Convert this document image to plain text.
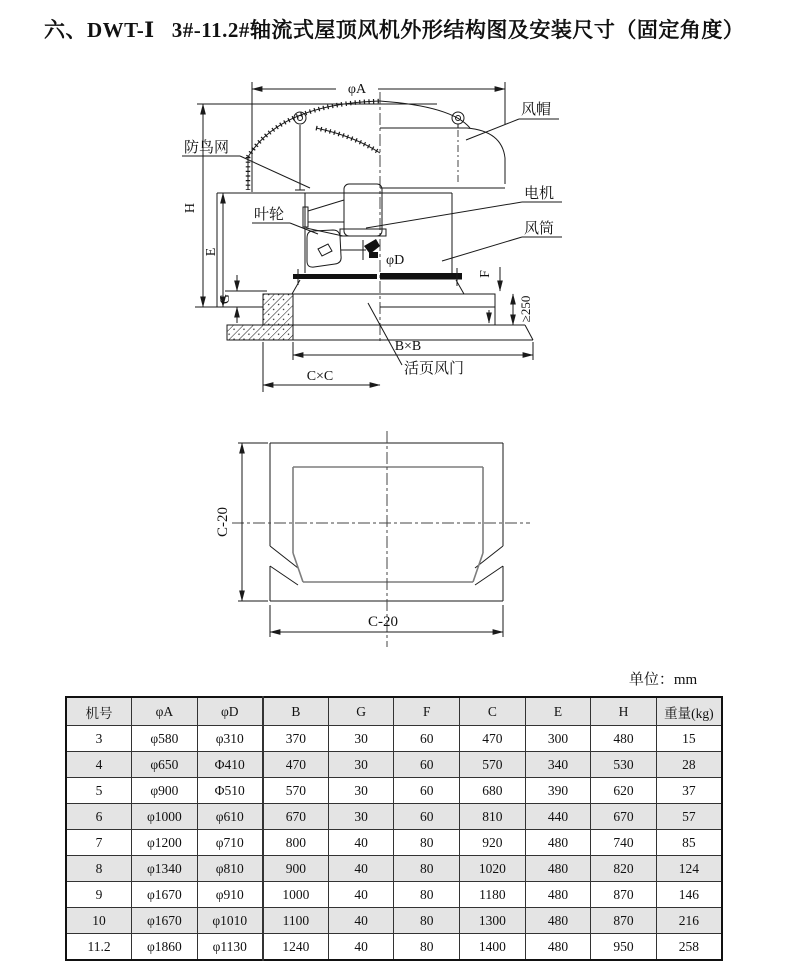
六、DWT-Ⅰ   3#-11.2#轴流式屋顶风机外形结构图及安装尺寸（固定角度）
φA
H
E
G
F
≥250
B×B
C×C
防鸟网
风帽
电机
风筒
叶轮
活页风门
φD
C-20
C-20
单位：mm
机号	φA	φD	B	G	F	C	E	H	重量(kg)
3	φ580	φ310	370	30	60	470	300	480	15
4	φ650	Φ410	470	30	60	570	340	530	28
5	φ900	Φ510	570	30	60	680	390	620	37
6	φ1000	φ610	670	30	60	810	440	670	57
7	φ1200	φ710	800	40	80	920	480	740	85
8	φ1340	φ810	900	40	80	1020	480	820	124
9	φ1670	φ910	1000	40	80	1180	480	870	146
10	φ1670	φ1010	1100	40	80	1300	480	870	216
11.2	φ1860	φ1130	1240	40	80	1400	480	950	258
